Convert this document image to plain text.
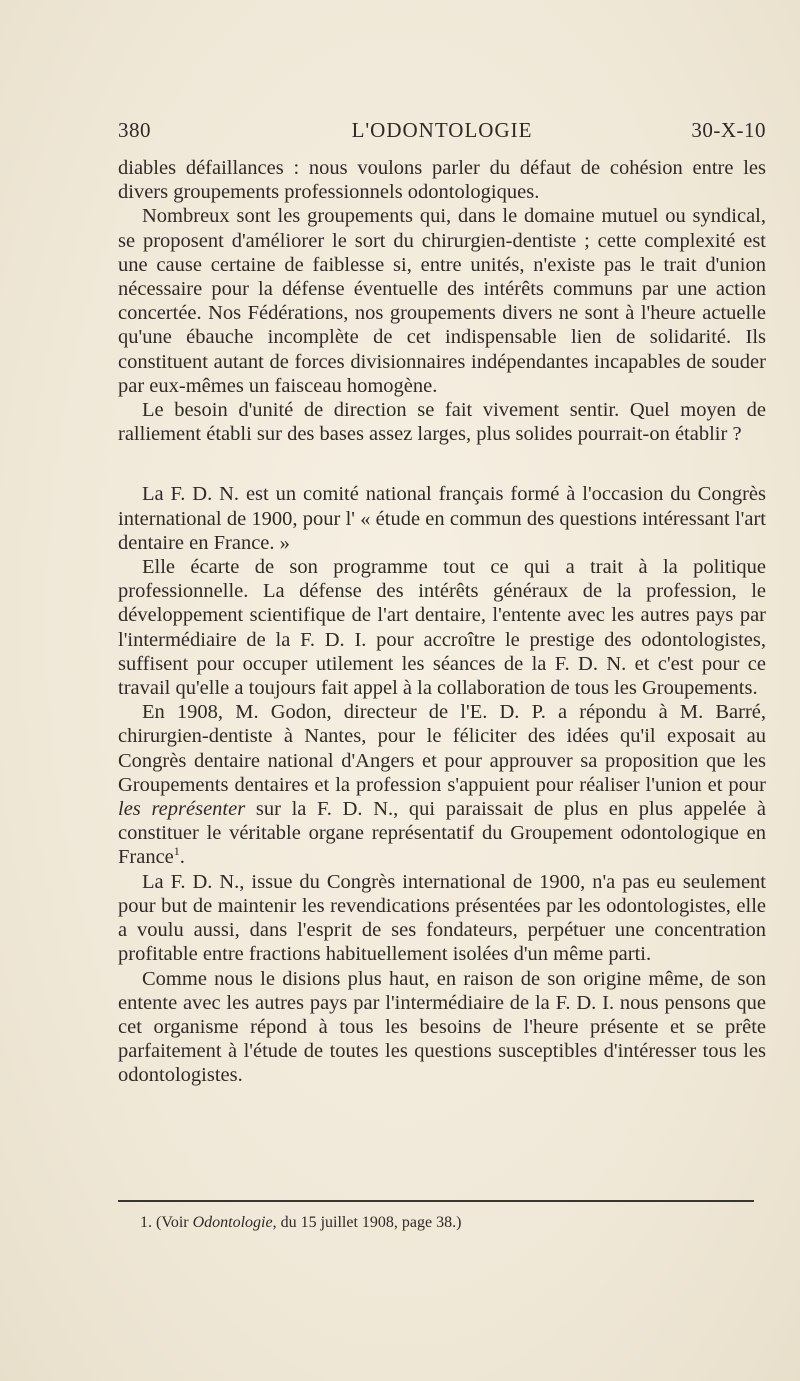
380	L'ODONTOLOGIE	30-X-10

diables défaillances : nous voulons parler du défaut de cohésion entre les divers groupements professionnels odontologiques.

Nombreux sont les groupements qui, dans le domaine mutuel ou syndical, se proposent d'améliorer le sort du chirurgien-dentiste ; cette complexité est une cause certaine de faiblesse si, entre unités, n'existe pas le trait d'union nécessaire pour la défense éventuelle des intérêts communs par une action concertée. Nos Fédérations, nos groupements divers ne sont à l'heure actuelle qu'une ébauche incomplète de cet indispensable lien de solidarité. Ils constituent autant de forces divisionnaires indépendantes incapables de souder par eux-mêmes un faisceau homogène.

Le besoin d'unité de direction se fait vivement sentir. Quel moyen de ralliement établi sur des bases assez larges, plus solides pourrait-on établir ?

La F. D. N. est un comité national français formé à l'occasion du Congrès international de 1900, pour l' « étude en commun des questions intéressant l'art dentaire en France. »

Elle écarte de son programme tout ce qui a trait à la politique professionnelle. La défense des intérêts généraux de la profession, le développement scientifique de l'art dentaire, l'entente avec les autres pays par l'intermédiaire de la F. D. I. pour accroître le prestige des odontologistes, suffisent pour occuper utilement les séances de la F. D. N. et c'est pour ce travail qu'elle a toujours fait appel à la collaboration de tous les Groupements.

En 1908, M. Godon, directeur de l'E. D. P. a répondu à M. Barré, chirurgien-dentiste à Nantes, pour le féliciter des idées qu'il exposait au Congrès dentaire national d'Angers et pour approuver sa proposition que les Groupements dentaires et la profession s'appuient pour réaliser l'union et pour les représenter sur la F. D. N., qui paraissait de plus en plus appelée à constituer le véritable organe représentatif du Groupement odontologique en France$^1$.

La F. D. N., issue du Congrès international de 1900, n'a pas eu seulement pour but de maintenir les revendications présentées par les odontologistes, elle a voulu aussi, dans l'esprit de ses fondateurs, perpétuer une concentration profitable entre fractions habituellement isolées d'un même parti.

Comme nous le disions plus haut, en raison de son origine même, de son entente avec les autres pays par l'intermédiaire de la F. D. I. nous pensons que cet organisme répond à tous les besoins de l'heure présente et se prête parfaitement à l'étude de toutes les questions susceptibles d'intéresser tous les odontologistes.

1. (Voir Odontologie, du 15 juillet 1908, page 38.)
